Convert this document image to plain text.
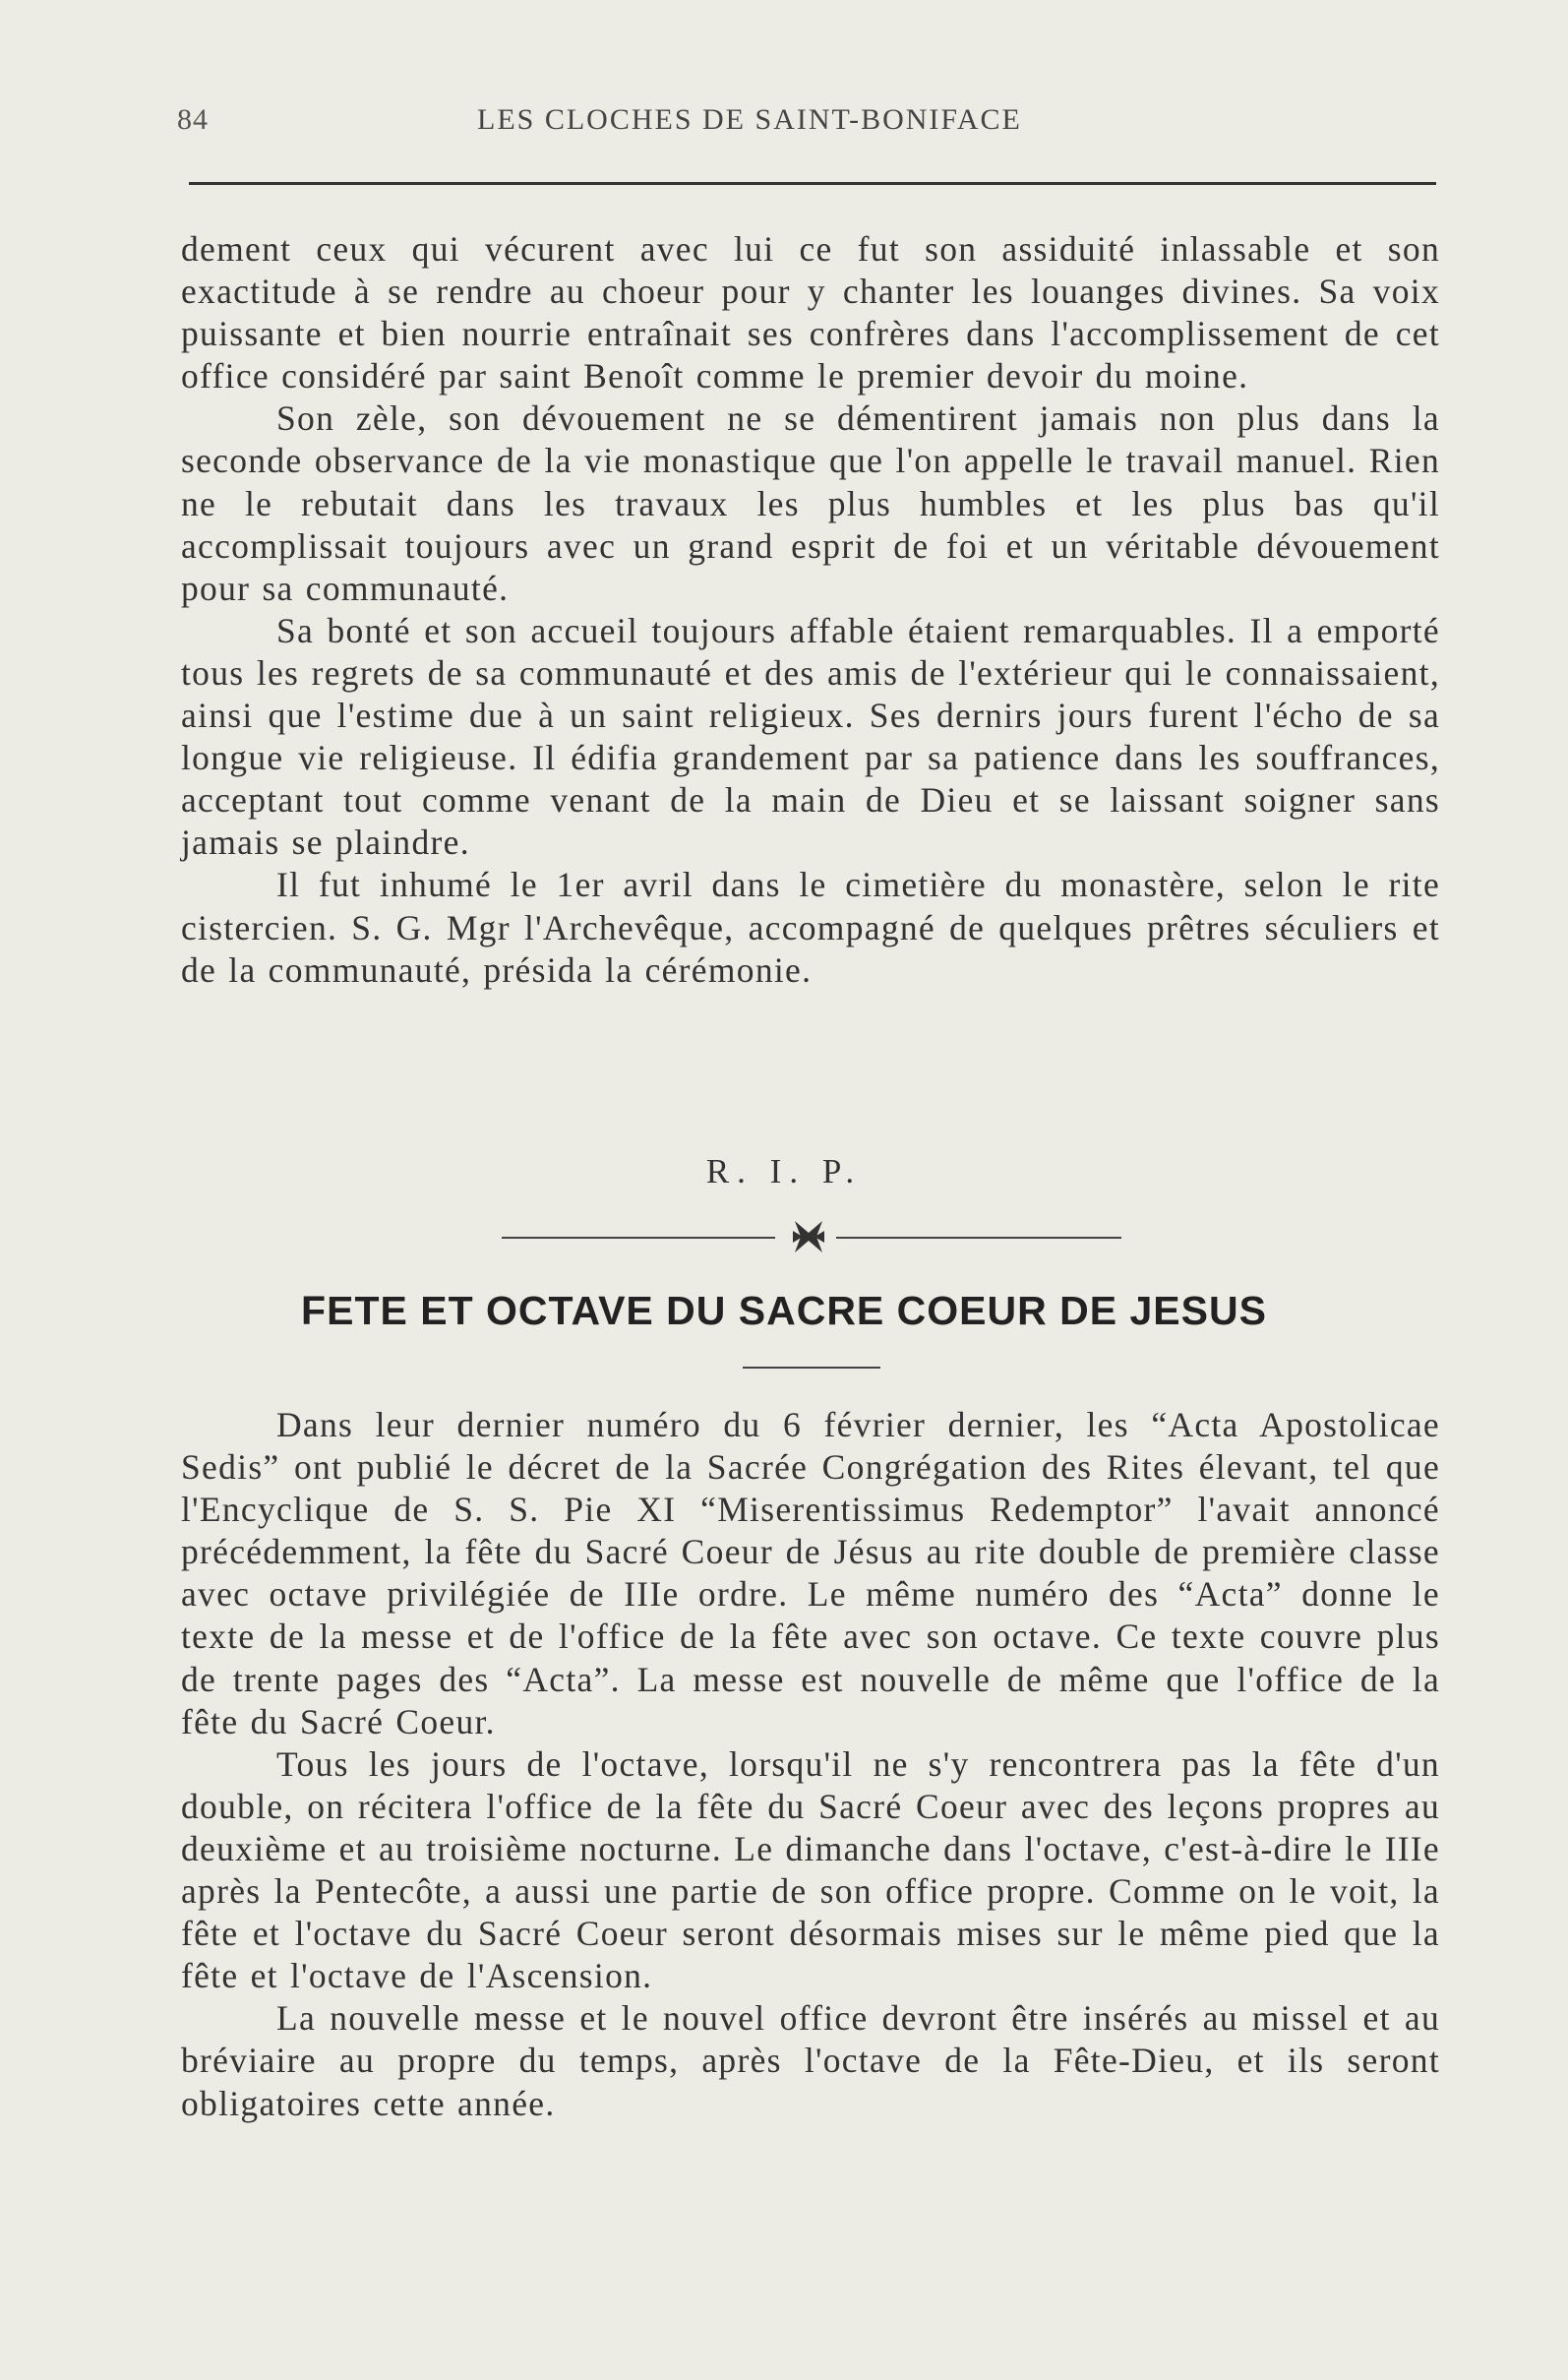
84	LES CLOCHES DE SAINT-BONIFACE

dement ceux qui vécurent avec lui ce fut son assiduité inlassable et son exactitude à se rendre au choeur pour y chanter les louanges divines. Sa voix puissante et bien nourrie entraînait ses confrères dans l'accomplissement de cet office considéré par saint Benoît comme le premier devoir du moine.

Son zèle, son dévouement ne se démentirent jamais non plus dans la seconde observance de la vie monastique que l'on appelle le travail manuel. Rien ne le rebutait dans les travaux les plus humbles et les plus bas qu'il accomplissait toujours avec un grand esprit de foi et un véritable dévouement pour sa communauté.

Sa bonté et son accueil toujours affable étaient remarquables. Il a emporté tous les regrets de sa communauté et des amis de l'extérieur qui le connaissaient, ainsi que l'estime due à un saint religieux. Ses dernirs jours furent l'écho de sa longue vie religieuse. Il édifia grandement par sa patience dans les souffrances, acceptant tout comme venant de la main de Dieu et se laissant soigner sans jamais se plaindre.

Il fut inhumé le 1er avril dans le cimetière du monastère, selon le rite cistercien. S. G. Mgr l'Archevêque, accompagné de quelques prêtres séculiers et de la communauté, présida la cérémonie.

R. I. P.
FETE ET OCTAVE DU SACRE COEUR DE JESUS

Dans leur dernier numéro du 6 février dernier, les “Acta Apostolicae Sedis” ont publié le décret de la Sacrée Congrégation des Rites élevant, tel que l'Encyclique de S. S. Pie XI “Miserentissimus Redemptor” l'avait annoncé précédemment, la fête du Sacré Coeur de Jésus au rite double de première classe avec octave privilégiée de IIIe ordre. Le même numéro des “Acta” donne le texte de la messe et de l'office de la fête avec son octave. Ce texte couvre plus de trente pages des “Acta”. La messe est nouvelle de même que l'office de la fête du Sacré Coeur.

Tous les jours de l'octave, lorsqu'il ne s'y rencontrera pas la fête d'un double, on récitera l'office de la fête du Sacré Coeur avec des leçons propres au deuxième et au troisième nocturne. Le dimanche dans l'octave, c'est-à-dire le IIIe après la Pentecôte, a aussi une partie de son office propre. Comme on le voit, la fête et l'octave du Sacré Coeur seront désormais mises sur le même pied que la fête et l'octave de l'Ascension.

La nouvelle messe et le nouvel office devront être insérés au missel et au bréviaire au propre du temps, après l'octave de la Fête-Dieu, et ils seront obligatoires cette année.
